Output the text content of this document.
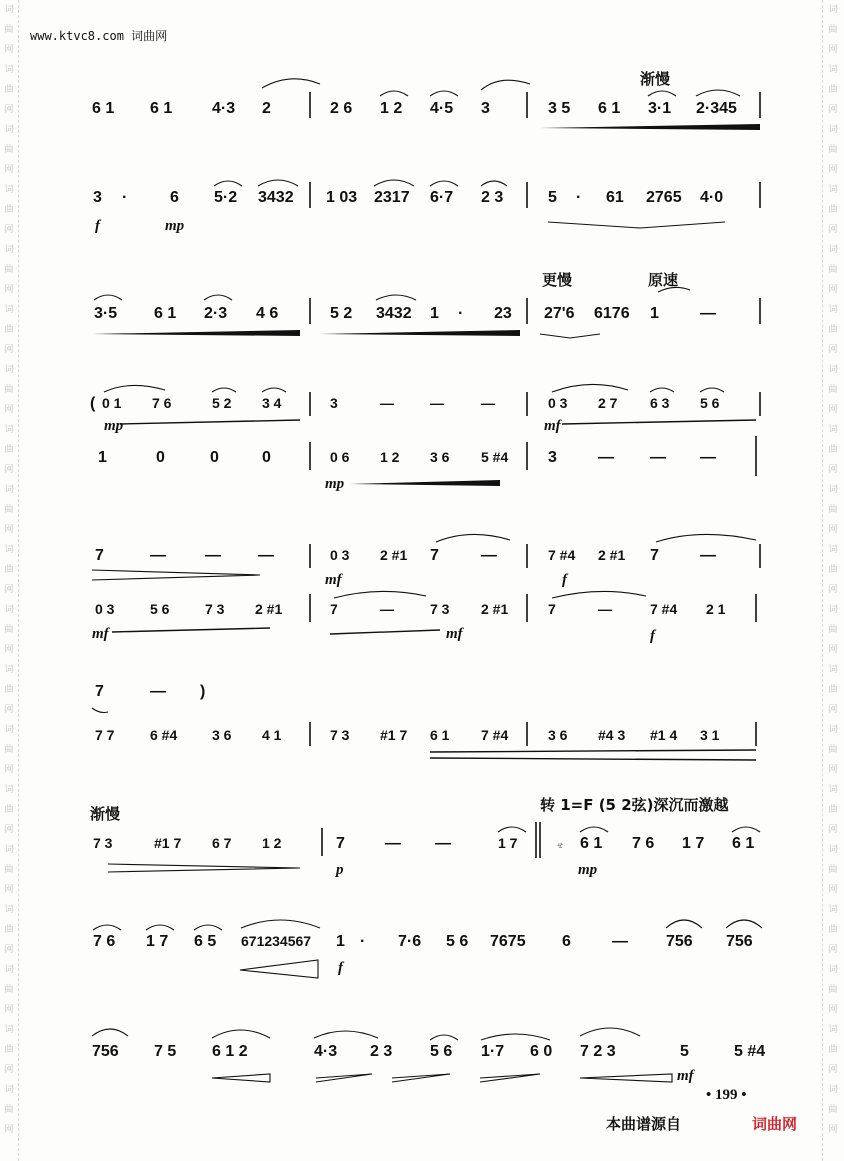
词
曲
网
词
曲
网
词
曲
网
词
曲
网
词
曲
网
词
曲
网
词
曲
网
词
曲
网
词
曲
网
词
曲
网
词
曲
网
词
曲
网
词
曲
网
词
曲
网
词
曲
网
词
曲
网
词
曲
网
词
曲
网
词
曲
网
词
曲
网
词
曲
网
词
曲
网
词
曲
网
词
曲
网
词
曲
网
词
曲
网
词
曲
网
词
曲
网
词
曲
网
词
曲
网
词
曲
网
词
曲
网
词
曲
网
词
曲
网
词
曲
网
词
曲
网
词
曲
网
词
曲
网
www.ktvc8.com 词曲网
渐慢
6 1 6 1 4·3 2	2 6 1 2 4·5 3	3 5 6 1 3·1 2·345
3 ·	6 5·2 3432
f	mp
1 03 2317 6·7 2 3	5 · 61 2765 4·0
更慢	原速
3·5 6 1 2·3 4 6	5 2 3432 1 · 23 27'6 6176 1	—
( 0 1 7 6	5 2 3 4
mp
3	—	—	—	0 3 2 7 6 3 5 6
mf
1	0	0	0	0 6 1 2 3 6 5 #4
mp
3	— — —
7	— — —	0 3 2 #1 7	—
mf
7 #4 2 #1 7	—
f
0 3	5 6	7 3 2 #1
mf
7	—	7 3 2 #1
mf
7	—	7 #4 2 1
f
7	— )
7 7	6 #4 3 6 4 1	7 3 #1 7 6 1 7 #4	3 6 #4 3 #1 4 3 1
渐慢	转 1=F (5 2弦)深沉而激越
7 3	#1 7 6 7 1 2	7	— —	1 7
p
ㄝ 6 1 7 6 1 7 6 1
mp
7 6 1 7 6 5 671234567 1 ·
f
7·6 5 6 7675 6	— 756 756
756 7 5 6 1 2	4·3 2 3 5 6 1·7 6 0 7 2 3	5	5 #4
mf
• 199 •
本曲谱源自	词曲网
